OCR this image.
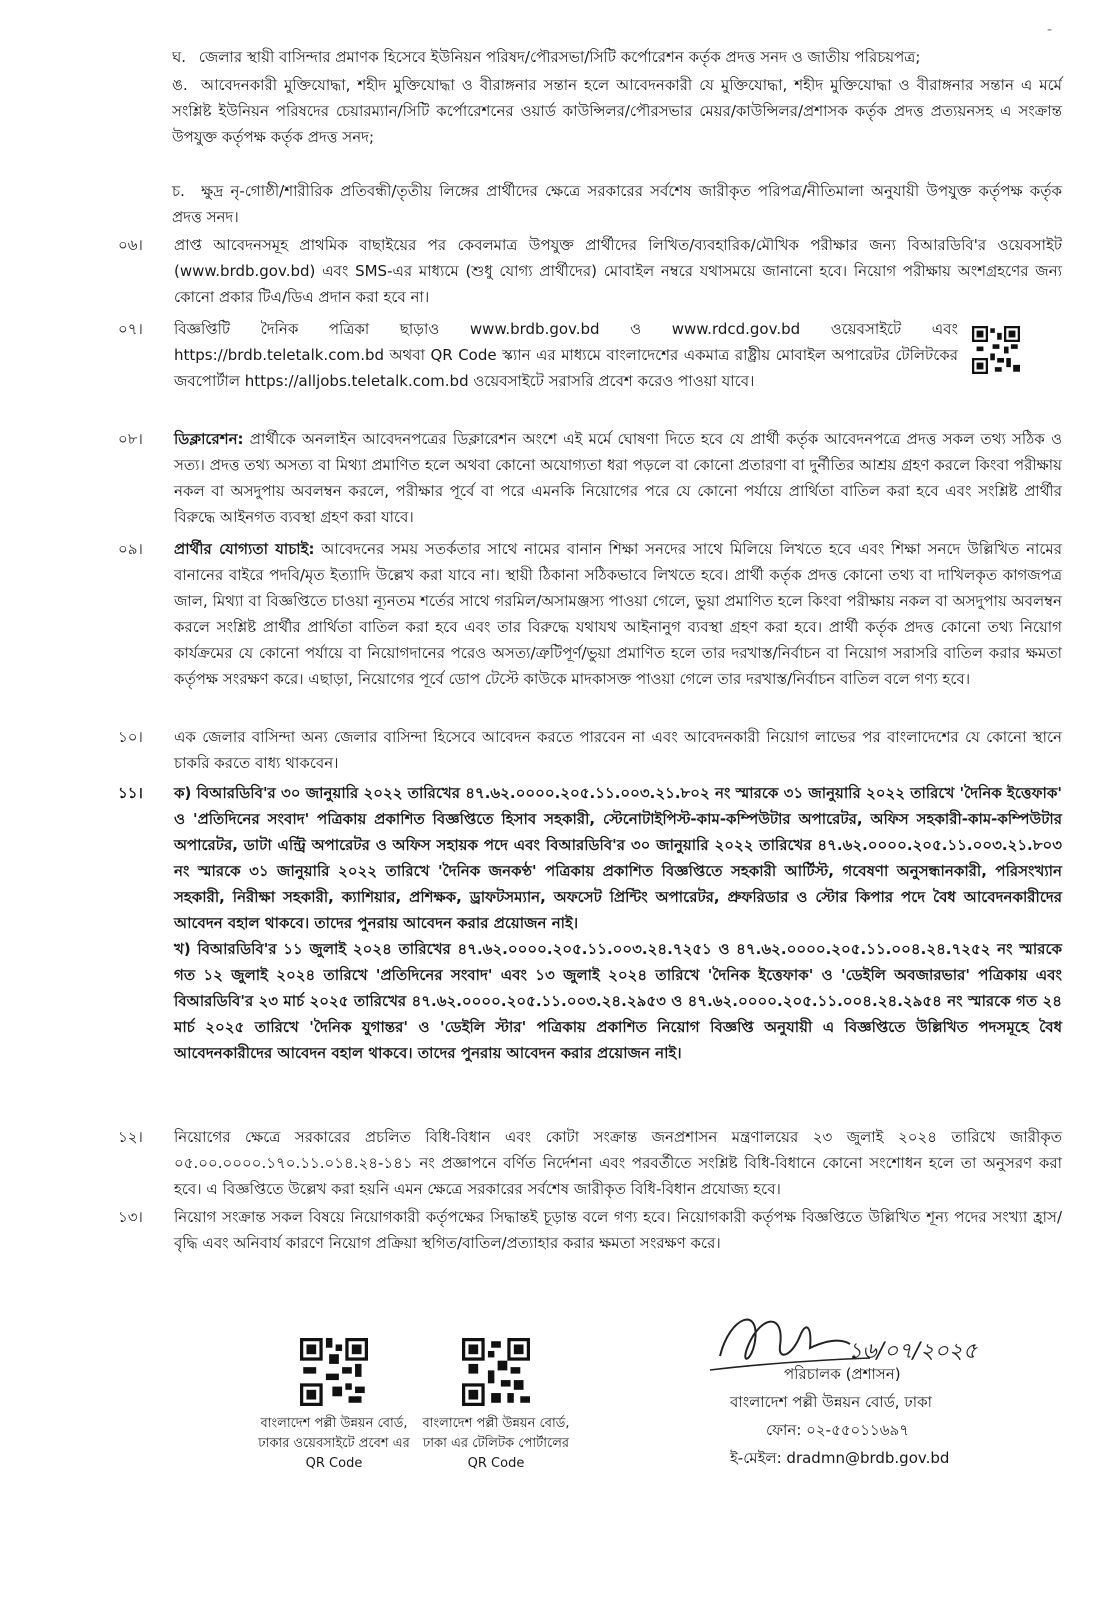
-
ঘ. জেলার স্থায়ী বাসিন্দার প্রমাণক হিসেবে ইউনিয়ন পরিষদ/পৌরসভা/সিটি কর্পোরেশন কর্তৃক প্রদত্ত সনদ ও জাতীয় পরিচয়পত্র;
ঙ. আবেদনকারী মুক্তিযোদ্ধা, শহীদ মুক্তিযোদ্ধা ও বীরাঙ্গনার সন্তান হলে আবেদনকারী যে মুক্তিযোদ্ধা, শহীদ মুক্তিযোদ্ধা ও বীরাঙ্গনার সন্তান এ মর্মে সংশ্লিষ্ট ইউনিয়ন পরিষদের চেয়ারম্যান/সিটি কর্পোরেশনের ওয়ার্ড কাউন্সিলর/পৌরসভার মেয়র/কাউন্সিলর/প্রশাসক কর্তৃক প্রদত্ত প্রত্যয়নসহ এ সংক্রান্ত উপযুক্ত কর্তৃপক্ষ কর্তৃক প্রদত্ত সনদ;
চ. ক্ষুদ্র নৃ-গোষ্ঠী/শারীরিক প্রতিবন্ধী/তৃতীয় লিঙ্গের প্রার্থীদের ক্ষেত্রে সরকারের সর্বশেষ জারীকৃত পরিপত্র/নীতিমালা অনুযায়ী উপযুক্ত কর্তৃপক্ষ কর্তৃক প্রদত্ত সনদ।
০৬।	প্রাপ্ত আবেদনসমূহ প্রাথমিক বাছাইয়ের পর কেবলমাত্র উপযুক্ত প্রার্থীদের লিখিত/ব্যবহারিক/মৌখিক পরীক্ষার জন্য বিআরডিবি'র ওয়েবসাইট (www.brdb.gov.bd) এবং SMS-এর মাধ্যমে (শুধু যোগ্য প্রার্থীদের) মোবাইল নম্বরে যথাসময়ে জানানো হবে। নিয়োগ পরীক্ষায় অংশগ্রহণের জন্য কোনো প্রকার টিএ/ডিএ প্রদান করা হবে না।

০৭।	বিজ্ঞপ্তিটি দৈনিক পত্রিকা ছাড়াও www.brdb.gov.bd ও www.rdcd.gov.bd ওয়েবসাইটে এবং https://brdb.teletalk.com.bd অথবা QR Code স্ক্যান এর মাধ্যমে বাংলাদেশের একমাত্র রাষ্ট্রীয় মোবাইল অপারেটর টেলিটকের জবপোর্টাল https://alljobs.teletalk.com.bd ওয়েবসাইটে সরাসরি প্রবেশ করেও পাওয়া যাবে।

০৮।	ডিক্লারেশন: প্রার্থীকে অনলাইন আবেদনপত্রের ডিক্লারেশন অংশে এই মর্মে ঘোষণা দিতে হবে যে প্রার্থী কর্তৃক আবেদনপত্রে প্রদত্ত সকল তথ্য সঠিক ও সত্য। প্রদত্ত তথ্য অসত্য বা মিথ্যা প্রমাণিত হলে অথবা কোনো অযোগ্যতা ধরা পড়লে বা কোনো প্রতারণা বা দুর্নীতির আশ্রয় গ্রহণ করলে কিংবা পরীক্ষায় নকল বা অসদুপায় অবলম্বন করলে, পরীক্ষার পূর্বে বা পরে এমনকি নিয়োগের পরে যে কোনো পর্যায়ে প্রার্থিতা বাতিল করা হবে এবং সংশ্লিষ্ট প্রার্থীর বিরুদ্ধে আইনগত ব্যবস্থা গ্রহণ করা যাবে।

০৯।	প্রার্থীর যোগ্যতা যাচাই: আবেদনের সময় সতর্কতার সাথে নামের বানান শিক্ষা সনদের সাথে মিলিয়ে লিখতে হবে এবং শিক্ষা সনদে উল্লিখিত নামের বানানের বাইরে পদবি/মৃত ইত্যাদি উল্লেখ করা যাবে না। স্থায়ী ঠিকানা সঠিকভাবে লিখতে হবে। প্রার্থী কর্তৃক প্রদত্ত কোনো তথ্য বা দাখিলকৃত কাগজপত্র জাল, মিথ্যা বা বিজ্ঞপ্তিতে চাওয়া ন্যূনতম শর্তের সাথে গরমিল/অসামঞ্জস্য পাওয়া গেলে, ভুয়া প্রমাণিত হলে কিংবা পরীক্ষায় নকল বা অসদুপায় অবলম্বন করলে সংশ্লিষ্ট প্রার্থীর প্রার্থিতা বাতিল করা হবে এবং তার বিরুদ্ধে যথাযথ আইনানুগ ব্যবস্থা গ্রহণ করা হবে। প্রার্থী কর্তৃক প্রদত্ত কোনো তথ্য নিয়োগ কার্যক্রমের যে কোনো পর্যায়ে বা নিয়োগদানের পরেও অসত্য/ত্রুটিপূর্ণ/ভুয়া প্রমাণিত হলে তার দরখাস্ত/নির্বাচন বা নিয়োগ সরাসরি বাতিল করার ক্ষমতা কর্তৃপক্ষ সংরক্ষণ করে। এছাড়া, নিয়োগের পূর্বে ডোপ টেস্টে কাউকে মাদকাসক্ত পাওয়া গেলে তার দরখাস্ত/নির্বাচন বাতিল বলে গণ্য হবে।

১০।	এক জেলার বাসিন্দা অন্য জেলার বাসিন্দা হিসেবে আবেদন করতে পারবেন না এবং আবেদনকারী নিয়োগ লাভের পর বাংলাদেশের যে কোনো স্থানে চাকরি করতে বাধ্য থাকবেন।

১১।	ক) বিআরডিবি'র ৩০ জানুয়ারি ২০২২ তারিখের ৪৭.৬২.০০০০.২০৫.১১.০০৩.২১.৮০২ নং স্মারকে ৩১ জানুয়ারি ২০২২ তারিখে 'দৈনিক ইত্তেফাক' ও 'প্রতিদিনের সংবাদ' পত্রিকায় প্রকাশিত বিজ্ঞপ্তিতে হিসাব সহকারী, স্টেনোটাইপিস্ট-কাম-কম্পিউটার অপারেটর, অফিস সহকারী-কাম-কম্পিউটার অপারেটর, ডাটা এন্ট্রি অপারেটর ও অফিস সহায়ক পদে এবং বিআরডিবি'র ৩০ জানুয়ারি ২০২২ তারিখের ৪৭.৬২.০০০০.২০৫.১১.০০৩.২১.৮০৩ নং স্মারকে ৩১ জানুয়ারি ২০২২ তারিখে 'দৈনিক জনকণ্ঠ' পত্রিকায় প্রকাশিত বিজ্ঞপ্তিতে সহকারী আর্টিস্ট, গবেষণা অনুসন্ধানকারী, পরিসংখ্যান সহকারী, নিরীক্ষা সহকারী, ক্যাশিয়ার, প্রশিক্ষক, ড্রাফটসম্যান, অফসেট প্রিন্টিং অপারেটর, প্রুফরিডার ও স্টোর কিপার পদে বৈধ আবেদনকারীদের আবেদন বহাল থাকবে। তাদের পুনরায় আবেদন করার প্রয়োজন নাই।

খ) বিআরডিবি'র ১১ জুলাই ২০২৪ তারিখের ৪৭.৬২.০০০০.২০৫.১১.০০৩.২৪.৭২৫১ ও ৪৭.৬২.০০০০.২০৫.১১.০০৪.২৪.৭২৫২ নং স্মারকে গত ১২ জুলাই ২০২৪ তারিখে 'প্রতিদিনের সংবাদ' এবং ১৩ জুলাই ২০২৪ তারিখে 'দৈনিক ইত্তেফাক' ও 'ডেইলি অবজারভার' পত্রিকায় এবং বিআরডিবি'র ২৩ মার্চ ২০২৫ তারিখের ৪৭.৬২.০০০০.২০৫.১১.০০৩.২৪.২৯৫৩ ও ৪৭.৬২.০০০০.২০৫.১১.০০৪.২৪.২৯৫৪ নং স্মারকে গত ২৪ মার্চ ২০২৫ তারিখে 'দৈনিক যুগান্তর' ও 'ডেইলি স্টার' পত্রিকায় প্রকাশিত নিয়োগ বিজ্ঞপ্তি অনুযায়ী এ বিজ্ঞপ্তিতে উল্লিখিত পদসমূহে বৈধ আবেদনকারীদের আবেদন বহাল থাকবে। তাদের পুনরায় আবেদন করার প্রয়োজন নাই।

১২।	নিয়োগের ক্ষেত্রে সরকারের প্রচলিত বিধি-বিধান এবং কোটা সংক্রান্ত জনপ্রশাসন মন্ত্রণালয়ের ২৩ জুলাই ২০২৪ তারিখে জারীকৃত ০৫.০০.০০০০.১৭০.১১.০১৪.২৪-১৪১ নং প্রজ্ঞাপনে বর্ণিত নির্দেশনা এবং পরবর্তীতে সংশ্লিষ্ট বিধি-বিধানে কোনো সংশোধন হলে তা অনুসরণ করা হবে। এ বিজ্ঞপ্তিতে উল্লেখ করা হয়নি এমন ক্ষেত্রে সরকারের সর্বশেষ জারীকৃত বিধি-বিধান প্রযোজ্য হবে।

১৩।	নিয়োগ সংক্রান্ত সকল বিষয়ে নিয়োগকারী কর্তৃপক্ষের সিদ্ধান্তই চূড়ান্ত বলে গণ্য হবে। নিয়োগকারী কর্তৃপক্ষ বিজ্ঞপ্তিতে উল্লিখিত শূন্য পদের সংখ্যা হ্রাস/বৃদ্ধি এবং অনিবার্য কারণে নিয়োগ প্রক্রিয়া স্থগিত/বাতিল/প্রত্যাহার করার ক্ষমতা সংরক্ষণ করে।

বাংলাদেশ পল্লী উন্নয়ন বোর্ড, ঢাকার ওয়েবসাইটে প্রবেশ এর QR Code
বাংলাদেশ পল্লী উন্নয়ন বোর্ড, ঢাকা এর টেলিটক পোর্টালের QR Code
১৬/০৭/২০২৫
পরিচালক (প্রশাসন)
বাংলাদেশ পল্লী উন্নয়ন বোর্ড, ঢাকা
ফোন: ০২-৫৫০১১৬৯৭
ই-মেইল: dradmn@brdb.gov.bd
